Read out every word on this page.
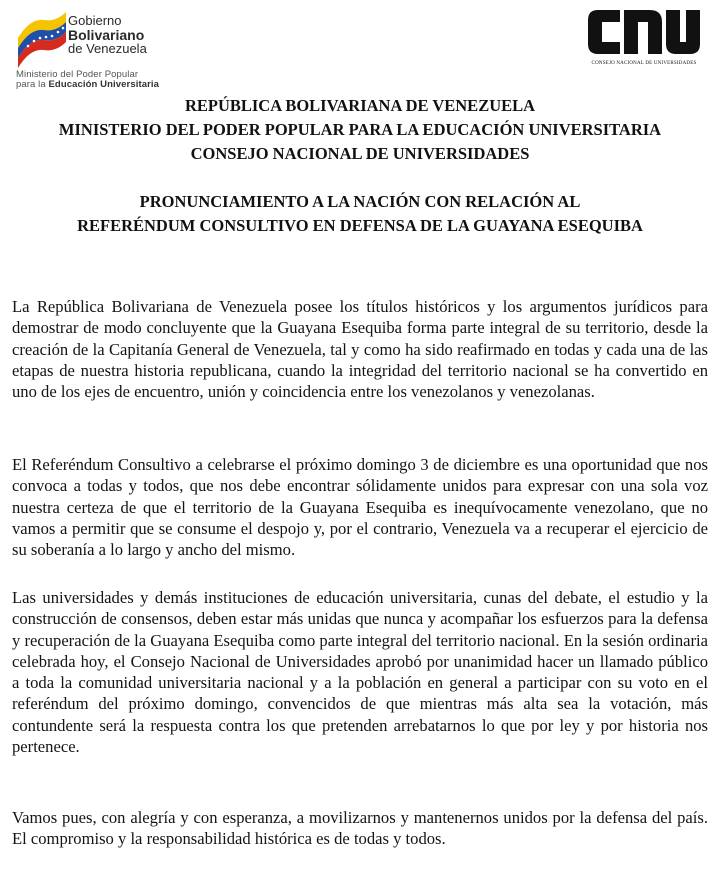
Gobierno
Bolivariano
de Venezuela
Ministerio del Poder Popular
para la Educación Universitaria
CONSEJO NACIONAL DE UNIVERSIDADES
REPÚBLICA BOLIVARIANA DE VENEZUELA
MINISTERIO DEL PODER POPULAR PARA LA EDUCACIÓN UNIVERSITARIA
CONSEJO NACIONAL DE UNIVERSIDADES
PRONUNCIAMIENTO A LA NACIÓN CON RELACIÓN AL
REFERÉNDUM CONSULTIVO EN DEFENSA DE LA GUAYANA ESEQUIBA

La República Bolivariana de Venezuela posee los títulos históricos y los argumentos jurídicos para demostrar de modo concluyente que la Guayana Esequiba forma parte integral de su territorio, desde la creación de la Capitanía General de Venezuela, tal y como ha sido reafirmado en todas y cada una de las etapas de nuestra historia republicana, cuando la integridad del territorio nacional se ha convertido en uno de los ejes de encuentro, unión y coincidencia entre los venezolanos y venezolanas.

El Referéndum Consultivo a celebrarse el próximo domingo 3 de diciembre es una oportunidad que nos convoca a todas y todos, que nos debe encontrar sólidamente unidos para expresar con una sola voz nuestra certeza de que el territorio de la Guayana Esequiba es inequívocamente venezolano, que no vamos a permitir que se consume el despojo y, por el contrario, Venezuela va a recuperar el ejercicio de su soberanía a lo largo y ancho del mismo.

Las universidades y demás instituciones de educación universitaria, cunas del debate, el estudio y la construcción de consensos, deben estar más unidas que nunca y acompañar los esfuerzos para la defensa y recuperación de la Guayana Esequiba como parte integral del territorio nacional. En la sesión ordinaria celebrada hoy, el Consejo Nacional de Universidades aprobó por unanimidad hacer un llamado público a toda la comunidad universitaria nacional y a la población en general a participar con su voto en el referéndum del próximo domingo, convencidos de que mientras más alta sea la votación, más contundente será la respuesta contra los que pretenden arrebatarnos lo que por ley y por historia nos pertenece.

Vamos pues, con alegría y con esperanza, a movilizarnos y mantenernos unidos por la defensa del país. El compromiso y la responsabilidad histórica es de todas y todos.
